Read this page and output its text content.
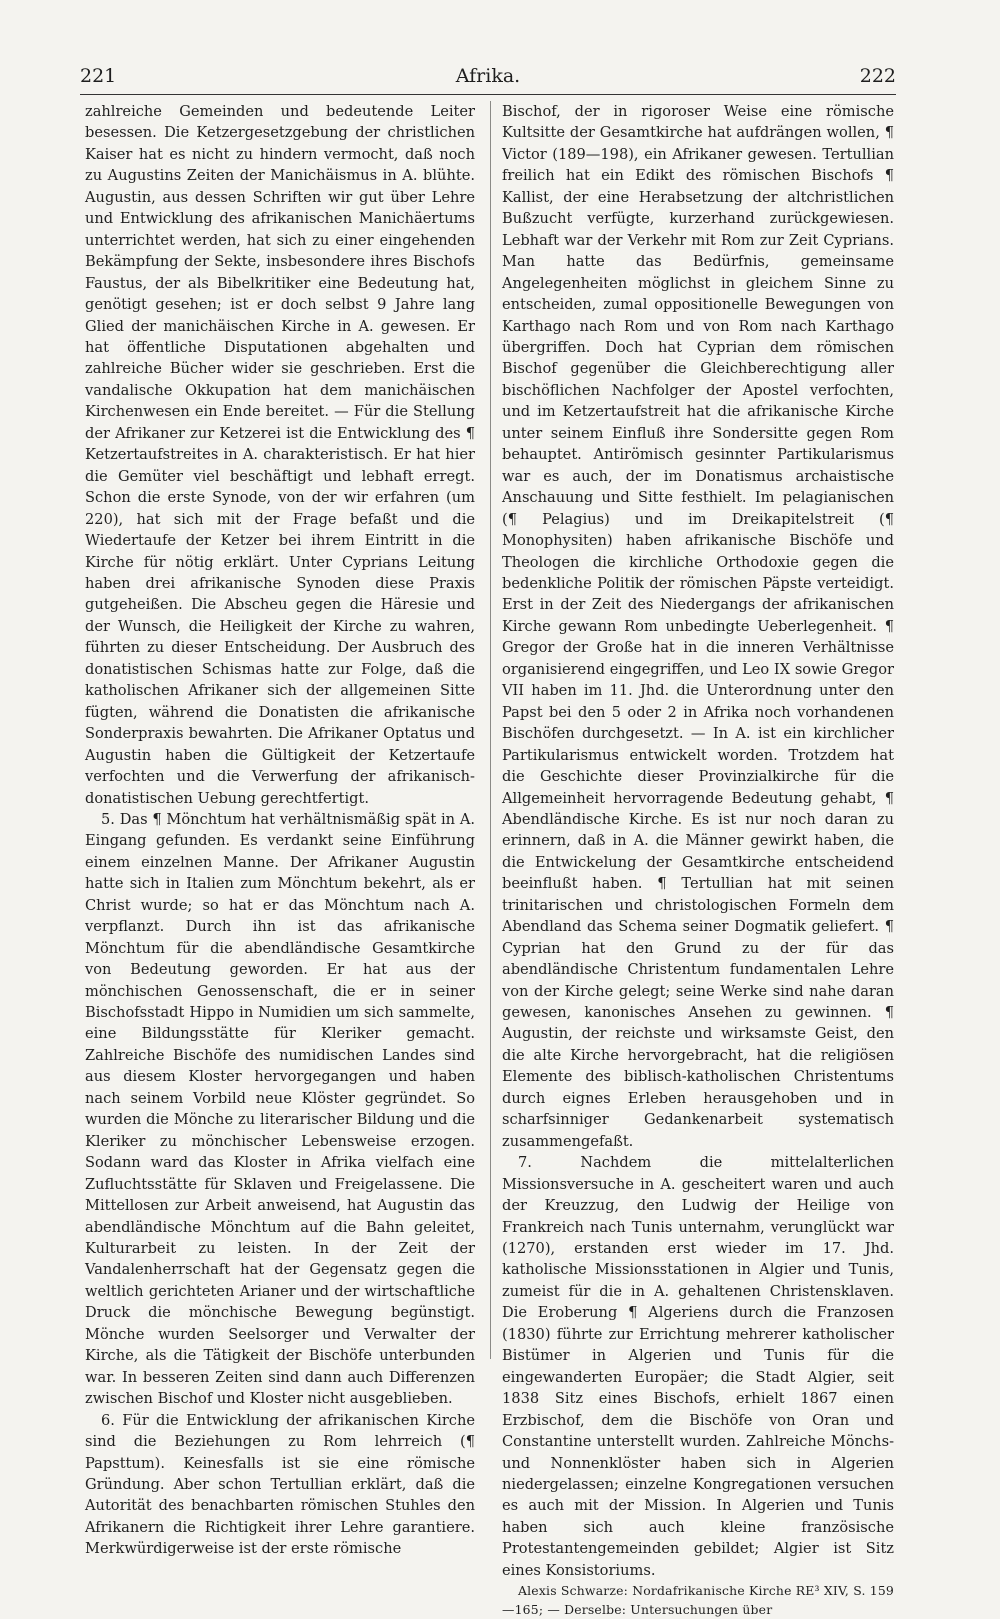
221	Afrika.	222

zahlreiche Gemeinden und bedeutende Leiter besessen. Die Ketzergesetzgebung der christlichen Kaiser hat es nicht zu hindern vermocht, daß noch zu Augustins Zeiten der Manichäismus in A. blühte. Augustin, aus dessen Schriften wir gut über Lehre und Entwicklung des afrikanischen Manichäertums unterrichtet werden, hat sich zu einer eingehenden Bekämpfung der Sekte, insbesondere ihres Bischofs Faustus, der als Bibelkritiker eine Bedeutung hat, genötigt gesehen; ist er doch selbst 9 Jahre lang Glied der manichäischen Kirche in A. gewesen. Er hat öffentliche Disputationen abgehalten und zahlreiche Bücher wider sie geschrieben. Erst die vandalische Okkupation hat dem manichäischen Kirchenwesen ein Ende bereitet. — Für die Stellung der Afrikaner zur Ketzerei ist die Entwicklung des ¶ Ketzertaufstreites in A. charakteristisch. Er hat hier die Gemüter viel beschäftigt und lebhaft erregt. Schon die erste Synode, von der wir erfahren (um 220), hat sich mit der Frage befaßt und die Wiedertaufe der Ketzer bei ihrem Eintritt in die Kirche für nötig erklärt. Unter Cyprians Leitung haben drei afrikanische Synoden diese Praxis gutgeheißen. Die Abscheu gegen die Häresie und der Wunsch, die Heiligkeit der Kirche zu wahren, führten zu dieser Entscheidung. Der Ausbruch des donatistischen Schismas hatte zur Folge, daß die katholischen Afrikaner sich der allgemeinen Sitte fügten, während die Donatisten die afrikanische Sonderpraxis bewahrten. Die Afrikaner Optatus und Augustin haben die Gültigkeit der Ketzertaufe verfochten und die Verwerfung der afrikanisch-donatistischen Uebung gerechtfertigt.

5. Das ¶ Mönchtum hat verhältnismäßig spät in A. Eingang gefunden. Es verdankt seine Einführung einem einzelnen Manne. Der Afrikaner Augustin hatte sich in Italien zum Mönchtum bekehrt, als er Christ wurde; so hat er das Mönchtum nach A. verpflanzt. Durch ihn ist das afrikanische Mönchtum für die abendländische Gesamtkirche von Bedeutung geworden. Er hat aus der mönchischen Genossenschaft, die er in seiner Bischofsstadt Hippo in Numidien um sich sammelte, eine Bildungsstätte für Kleriker gemacht. Zahlreiche Bischöfe des numidischen Landes sind aus diesem Kloster hervorgegangen und haben nach seinem Vorbild neue Klöster gegründet. So wurden die Mönche zu literarischer Bildung und die Kleriker zu mönchischer Lebensweise erzogen. Sodann ward das Kloster in Afrika vielfach eine Zufluchtsstätte für Sklaven und Freigelassene. Die Mittellosen zur Arbeit anweisend, hat Augustin das abendländische Mönchtum auf die Bahn geleitet, Kulturarbeit zu leisten. In der Zeit der Vandalenherrschaft hat der Gegensatz gegen die weltlich gerichteten Arianer und der wirtschaftliche Druck die mönchische Bewegung begünstigt. Mönche wurden Seelsorger und Verwalter der Kirche, als die Tätigkeit der Bischöfe unterbunden war. In besseren Zeiten sind dann auch Differenzen zwischen Bischof und Kloster nicht ausgeblieben.

6. Für die Entwicklung der afrikanischen Kirche sind die Beziehungen zu Rom lehrreich (¶ Papsttum). Keinesfalls ist sie eine römische Gründung. Aber schon Tertullian erklärt, daß die Autorität des benachbarten römischen Stuhles den Afrikanern die Richtigkeit ihrer Lehre garantiere. Merkwürdigerweise ist der erste römische

Bischof, der in rigoroser Weise eine römische Kultsitte der Gesamtkirche hat aufdrängen wollen, ¶ Victor (189—198), ein Afrikaner gewesen. Tertullian freilich hat ein Edikt des römischen Bischofs ¶ Kallist, der eine Herabsetzung der altchristlichen Bußzucht verfügte, kurzerhand zurückgewiesen. Lebhaft war der Verkehr mit Rom zur Zeit Cyprians. Man hatte das Bedürfnis, gemeinsame Angelegenheiten möglichst in gleichem Sinne zu entscheiden, zumal oppositionelle Bewegungen von Karthago nach Rom und von Rom nach Karthago übergriffen. Doch hat Cyprian dem römischen Bischof gegenüber die Gleichberechtigung aller bischöflichen Nachfolger der Apostel verfochten, und im Ketzertaufstreit hat die afrikanische Kirche unter seinem Einfluß ihre Sondersitte gegen Rom behauptet. Antirömisch gesinnter Partikularismus war es auch, der im Donatismus archaistische Anschauung und Sitte festhielt. Im pelagianischen (¶ Pelagius) und im Dreikapitelstreit (¶ Monophysiten) haben afrikanische Bischöfe und Theologen die kirchliche Orthodoxie gegen die bedenkliche Politik der römischen Päpste verteidigt. Erst in der Zeit des Niedergangs der afrikanischen Kirche gewann Rom unbedingte Ueberlegenheit. ¶ Gregor der Große hat in die inneren Verhältnisse organisierend eingegriffen, und Leo IX sowie Gregor VII haben im 11. Jhd. die Unterordnung unter den Papst bei den 5 oder 2 in Afrika noch vorhandenen Bischöfen durchgesetzt. — In A. ist ein kirchlicher Partikularismus entwickelt worden. Trotzdem hat die Geschichte dieser Provinzialkirche für die Allgemeinheit hervorragende Bedeutung gehabt, ¶ Abendländische Kirche. Es ist nur noch daran zu erinnern, daß in A. die Männer gewirkt haben, die die Entwickelung der Gesamtkirche entscheidend beeinflußt haben. ¶ Tertullian hat mit seinen trinitarischen und christologischen Formeln dem Abendland das Schema seiner Dogmatik geliefert. ¶ Cyprian hat den Grund zu der für das abendländische Christentum fundamentalen Lehre von der Kirche gelegt; seine Werke sind nahe daran gewesen, kanonisches Ansehen zu gewinnen. ¶ Augustin, der reichste und wirksamste Geist, den die alte Kirche hervorgebracht, hat die religiösen Elemente des biblisch-katholischen Christentums durch eignes Erleben herausgehoben und in scharfsinniger Gedankenarbeit systematisch zusammengefaßt.

7. Nachdem die mittelalterlichen Missionsversuche in A. gescheitert waren und auch der Kreuzzug, den Ludwig der Heilige von Frankreich nach Tunis unternahm, verunglückt war (1270), erstanden erst wieder im 17. Jhd. katholische Missionsstationen in Algier und Tunis, zumeist für die in A. gehaltenen Christensklaven. Die Eroberung ¶ Algeriens durch die Franzosen (1830) führte zur Errichtung mehrerer katholischer Bistümer in Algerien und Tunis für die eingewanderten Europäer; die Stadt Algier, seit 1838 Sitz eines Bischofs, erhielt 1867 einen Erzbischof, dem die Bischöfe von Oran und Constantine unterstellt wurden. Zahlreiche Mönchs- und Nonnenklöster haben sich in Algerien niedergelassen; einzelne Kongregationen versuchen es auch mit der Mission. In Algerien und Tunis haben sich auch kleine französische Protestantengemeinden gebildet; Algier ist Sitz eines Konsistoriums.

Alexis Schwarze: Nordafrikanische Kirche RE³ XIV, S. 159—165; — Derselbe: Untersuchungen über
